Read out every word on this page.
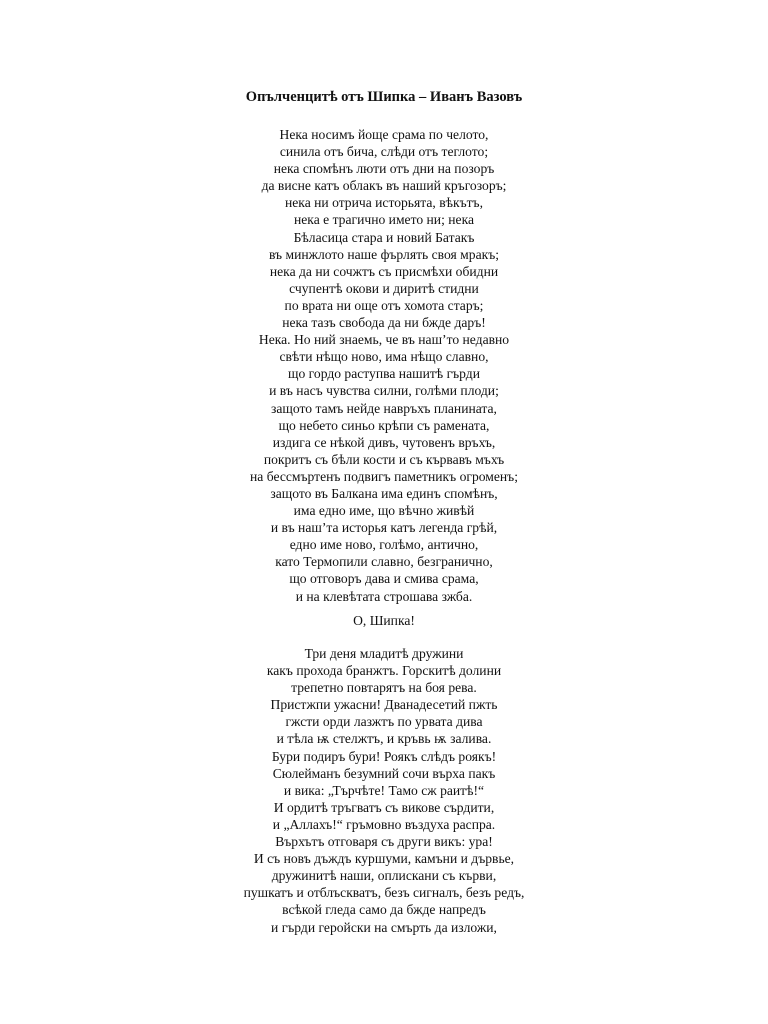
Опълченцитѣ отъ Шипка – Иванъ Вазовъ
Нека носимъ йоще срама по челото,
синила отъ бича, слѣди отъ теглото;
нека спомѣнъ люти отъ дни на позоръ
да висне катъ облакъ въ наший кръгозоръ;
нека ни отрича исторьята, вѣкътъ,
нека е трагично името ни; нека
Бѣласица стара и новий Батакъ
въ минжлото наше фърлять своя мракъ;
нека да ни сочжтъ съ присмѣхи обидни
счупентѣ окови и диритѣ стидни
по врата ни още отъ хомота старъ;
нека тазъ свобода да ни бжде даръ!
Нека. Но ний знаемь, че въ нашʼто недавно
свѣти нѣщо ново, има нѣщо славно,
що гордо раступва нашитѣ гърди
и въ насъ чувства силни, голѣми плоди;
защото тамъ нейде навръхъ планината,
що небето синьо крѣпи съ рамената,
издига се нѣкой дивъ, чутовенъ връхъ,
покритъ съ бѣли кости и съ кървавъ мъхъ
на бессмъртенъ подвигъ паметникъ огроменъ;
защото въ Балкана има единъ спомѣнъ,
има едно име, що вѣчно живѣй
и въ нашʼта исторья катъ легенда грѣй,
едно име ново, голѣмо, антично,
като Термопили славно, безгранично,
що отговоръ дава и смива срама,
и на клевѣтата строшава зжба.
О, Шипка!
Три деня младитѣ дружини
какъ прохода бранжтъ. Горскитѣ долини
трепетно повтарятъ на боя рева.
Пристжпи ужасни! Дванадесетий пжть
гжсти орди лазжтъ по урвата дива
и тѣла ѭ стелжтъ, и кръвь ѭ залива.
Бури подиръ бури! Роякъ слѣдъ роякъ!
Сюлейманъ безумний сочи върха пакъ
и вика: „Търчѣте! Тамо сж раитѣ!“
И ордитѣ тръгватъ съ викове сърдити,
и „Аллахъ!“ гръмовно въздуха распра.
Върхътъ отговаря съ други викъ: ура!
И съ новъ дъждъ куршуми, камъни и дървье,
дружинитѣ наши, оплискани съ кърви,
пушкатъ и отблъскватъ, безъ сигналъ, безъ редъ,
всѣкой гледа само да бжде напредъ
и гърди геройски на смърть да изложи,
